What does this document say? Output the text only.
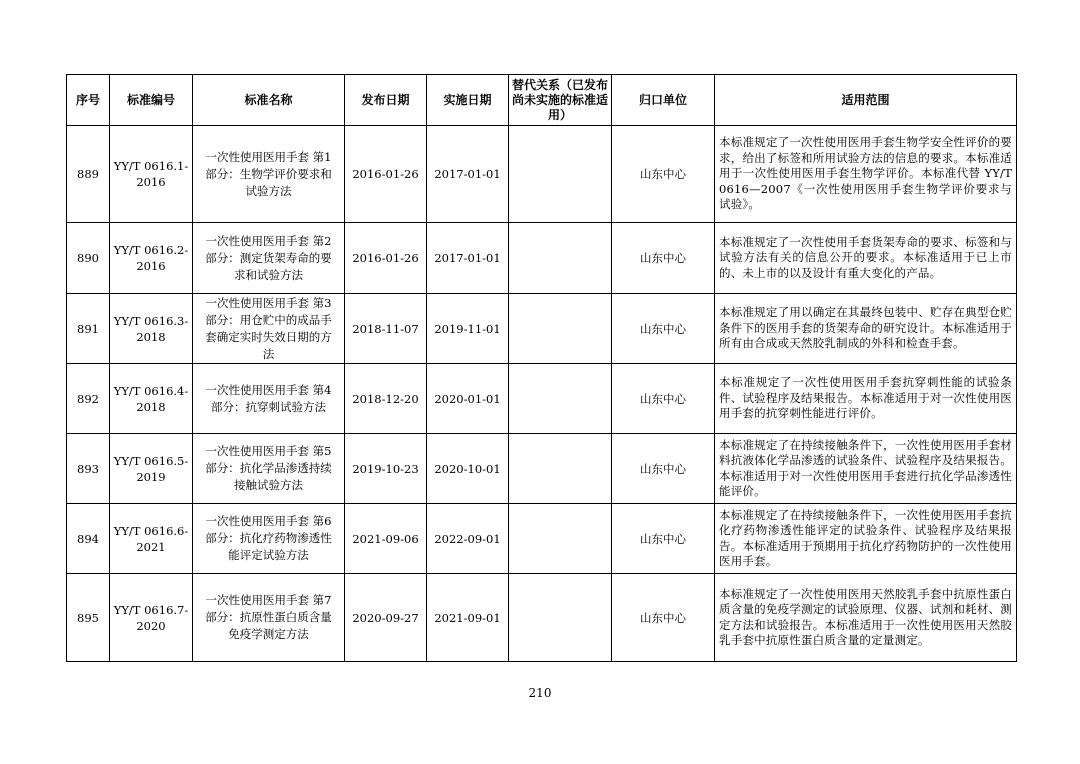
序号	标准编号	标准名称	发布日期	实施日期	替代关系（已发布尚未实施的标准适用）	归口单位	适用范围
889	YY/T 0616.1-2016	一次性使用医用手套 第1部分：生物学评价要求和试验方法	2016-01-26	2017-01-01		山东中心	本标准规定了一次性使用医用手套生物学安全性评价的要求，给出了标签和所用试验方法的信息的要求。本标准适用于一次性使用医用手套生物学评价。本标准代替 YY/T 0616—2007《一次性使用医用手套生物学评价要求与试验》。
890	YY/T 0616.2-2016	一次性使用医用手套 第2部分：测定货架寿命的要求和试验方法	2016-01-26	2017-01-01		山东中心	本标准规定了一次性使用手套货架寿命的要求、标签和与试验方法有关的信息公开的要求。本标准适用于已上市的、未上市的以及设计有重大变化的产品。
891	YY/T 0616.3-2018	一次性使用医用手套 第3部分：用仓贮中的成品手套确定实时失效日期的方法	2018-11-07	2019-11-01		山东中心	本标准规定了用以确定在其最终包装中、贮存在典型仓贮条件下的医用手套的货架寿命的研究设计。本标准适用于所有由合成或天然胶乳制成的外科和检查手套。
892	YY/T 0616.4-2018	一次性使用医用手套 第4部分：抗穿刺试验方法	2018-12-20	2020-01-01		山东中心	本标准规定了一次性使用医用手套抗穿刺性能的试验条件、试验程序及结果报告。本标准适用于对一次性使用医用手套的抗穿刺性能进行评价。
893	YY/T 0616.5-2019	一次性使用医用手套 第5部分：抗化学品渗透持续接触试验方法	2019-10-23	2020-10-01		山东中心	本标准规定了在持续接触条件下，一次性使用医用手套材料抗液体化学品渗透的试验条件、试验程序及结果报告。本标准适用于对一次性使用医用手套进行抗化学品渗透性能评价。
894	YY/T 0616.6-2021	一次性使用医用手套 第6部分：抗化疗药物渗透性能评定试验方法	2021-09-06	2022-09-01		山东中心	本标准规定了在持续接触条件下，一次性使用医用手套抗化疗药物渗透性能评定的试验条件、试验程序及结果报告。本标准适用于预期用于抗化疗药物防护的一次性使用医用手套。
895	YY/T 0616.7-2020	一次性使用医用手套 第7部分：抗原性蛋白质含量免疫学测定方法	2020-09-27	2021-09-01		山东中心	本标准规定了一次性使用医用天然胶乳手套中抗原性蛋白质含量的免疫学测定的试验原理、仪器、试剂和耗材、测定方法和试验报告。本标准适用于一次性使用医用天然胶乳手套中抗原性蛋白质含量的定量测定。
210
